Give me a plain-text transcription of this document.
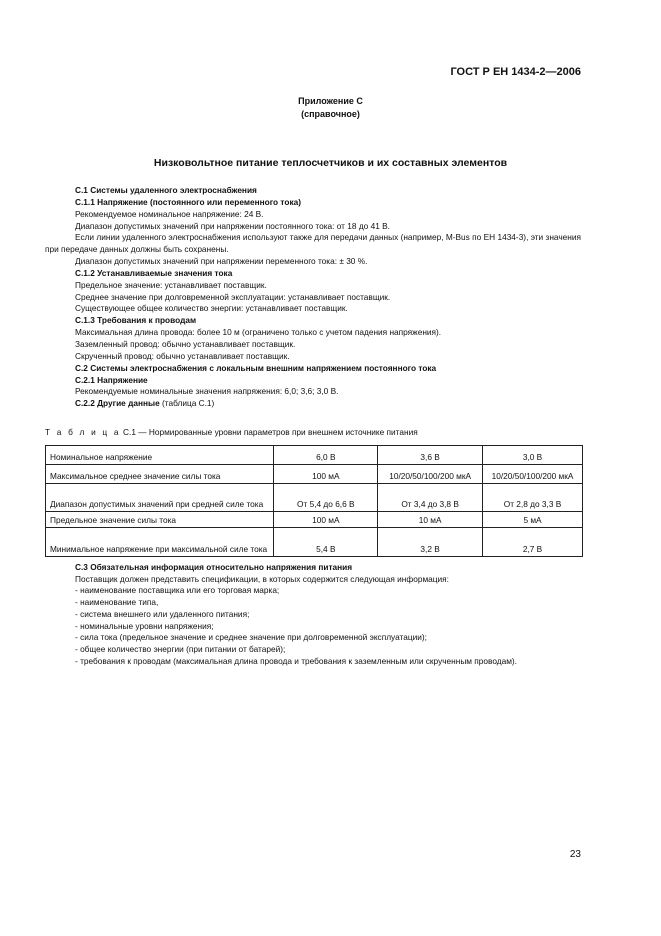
ГОСТ Р ЕН 1434-2—2006
Приложение С
(справочное)
Низковольтное питание теплосчетчиков и их составных элементов

С.1 Системы удаленного электроснабжения

С.1.1 Напряжение (постоянного или переменного тока)

Рекомендуемое номинальное напряжение: 24 В.

Диапазон допустимых значений при напряжении постоянного тока: от 18 до 41 В.

Если линии удаленного электроснабжения используют также для передачи данных (например, M-Bus по ЕН 1434-3), эти значения при передаче данных должны быть сохранены.

Диапазон допустимых значений при напряжении переменного тока: ± 30 %.

С.1.2 Устанавливаемые значения тока

Предельное значение: устанавливает поставщик.

Среднее значение при долговременной эксплуатации: устанавливает поставщик.

Существующее общее количество энергии: устанавливает поставщик.

С.1.3 Требования к проводам

Максимальная длина провода: более 10 м (ограничено только с учетом падения напряжения).

Заземленный провод: обычно устанавливает поставщик.

Скрученный провод: обычно устанавливает поставщик.

С.2 Системы электроснабжения с локальным внешним напряжением постоянного тока

С.2.1 Напряжение

Рекомендуемые номинальные значения напряжения: 6,0; 3,6; 3,0 В.

С.2.2 Другие данные (таблица С.1)

Т а б л и ц а С.1 — Нормированные уровни параметров при внешнем источнике питания
Номинальное напряжение	6,0 В	3,6 В	3,0 В
Максимальное среднее значение силы тока	100 мА	10/20/50/100/200 мкА	10/20/50/100/200 мкА
Диапазон допустимых значений при средней силе тока	От 5,4 до 6,6 В	От 3,4 до 3,8 В	От 2,8 до 3,3 В
Предельное значение силы тока	100 мА	10 мА	5 мА
Минимальное напряжение при максимальной силе тока	5,4 В	3,2 В	2,7 В

С.3 Обязательная информация относительно напряжения питания

Поставщик должен представить спецификации, в которых содержится следующая информация:

- наименование поставщика или его торговая марка;

- наименование типа,

- система внешнего или удаленного питания;

- номинальные уровни напряжения;

- сила тока (предельное значение и среднее значение при долговременной эксплуатации);

- общее количество энергии (при питании от батарей);

- требования к проводам (максимальная длина провода и требования к заземленным или скрученным проводам).

23
